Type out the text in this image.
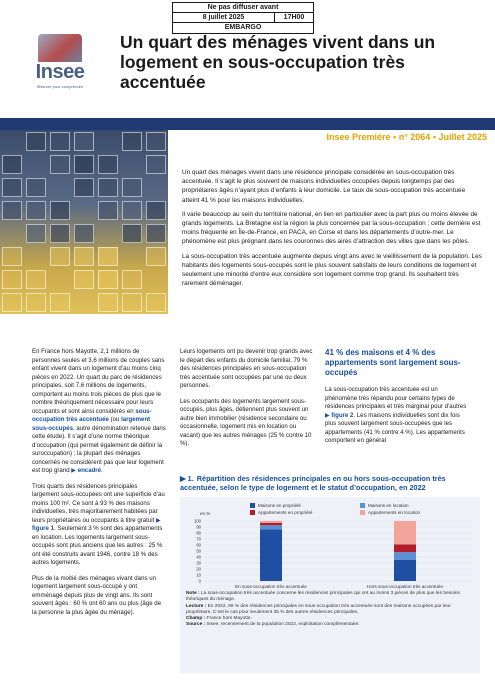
Ne pas diffuser avant
8 juillet 2025	17H00
EMBARGO
Insee
Mesurer pour comprendre
Un quart des ménages vivent dans un logement en sous-occupation très accentuée
Insee Première • n° 2064 • Juillet 2025

Un quart des ménages vivent dans une résidence principale considérée en sous-occupation très accentuée. Il s’agit le plus souvent de maisons individuelles occupées depuis longtemps par des propriétaires âgés n’ayant plus d’enfants à leur domicile. Le taux de sous-occupation très accentuée atteint 41 % pour les maisons individuelles.

Il varie beaucoup au sein du territoire national, en lien en particulier avec la part plus ou moins élevée de grands logements. La Bretagne est la région la plus concernée par la sous-occupation ; cette dernière est moins fréquente en Île-de-France, en PACA, en Corse et dans les départements d’outre-mer. Le phénomène est plus prégnant dans les couronnes des aires d’attraction des villes que dans les pôles.

La sous-occupation très accentuée augmente depuis vingt ans avec le vieillissement de la population. Les habitants des logements sous-occupés sont le plus souvent satisfaits de leurs conditions de logement et seulement une minorité d’entre eux considère son logement comme trop grand. Ils souhaitent très rarement déménager.

En France hors Mayotte, 2,1 millions de personnes seules et 3,6 millions de couples sans enfant vivent dans un logement d’au moins cinq pièces en 2022. Un quart du parc de résidences principales, soit 7,6 millions de logements, comportent au moins trois pièces de plus que le nombre théoriquement nécessaire pour leurs occupants et sont ainsi considérés en sous-occupation très accentuée (ou largement sous-occupés, autre dénomination retenue dans cette étude). Il s’agit d’une norme théorique d’occupation (qui permet également de définir la suroccupation) ; la plupart des ménages concernés ne considèrent pas que leur logement est trop grand ▶ encadré.

Trois quarts des résidences principales largement sous-occupées ont une superficie d’au moins 100 m². Ce sont à 93 % des maisons individuelles, très majoritairement habitées par leurs propriétaires ou occupants à titre gratuit ▶ figure 1. Seulement 3 % sont des appartements en location. Les logements largement sous-occupés sont plus anciens que les autres : 25 % ont été construits avant 1946, contre 18 % des autres logements.

Plus de la moitié des ménages vivant dans un logement largement sous-occupé y ont emménagé depuis plus de vingt ans. Ils sont souvent âgés : 60 % ont 60 ans ou plus (âge de la personne la plus âgée du ménage).

Leurs logements ont pu devenir trop grands avec le départ des enfants du domicile familial. 79 % des résidences principales en sous-occupation très accentuée sont occupées par une ou deux personnes.

Les occupants des logements largement sous-occupés, plus âgés, détiennent plus souvent un autre bien immobilier (résidence secondaire ou occasionnelle, logement mis en location ou vacant) que les autres ménages (25 % contre 10 %).

41 % des maisons et 4 % des appartements sont largement sous-occupés

La sous-occupation très accentuée est un phénomène très répandu pour certains types de résidences principales et très marginal pour d’autres ▶ figure 2. Les maisons individuelles sont dix fois plus souvent largement sous-occupées que les appartements (41 % contre 4 %). Les appartements comportent en général

▶ 1. Répartition des résidences principales en ou hors sous-occupation très accentuée, selon le type de logement et le statut d’occupation, en 2022
en %
0
10
20
30
40
50
60
70
80
90
100
En sous-occupation très accentuée	Hors sous-occupation très accentuée
Maisons en propriété	Maisons en location
Appartements en propriété	Appartements en location
Note : La sous-occupation très accentuée concerne les résidences principales qui ont au moins 3 pièces de plus que les besoins théoriques du ménage.
Lecture : En 2022, 86 % des résidences principales en sous-occupation très accentuée sont des maisons occupées par leur propriétaire. C’est le cas pour seulement 35 % des autres résidences principales.
Champ : France hors Mayotte.
Source : Insee, recensement de la population 2022, exploitation complémentaire.
